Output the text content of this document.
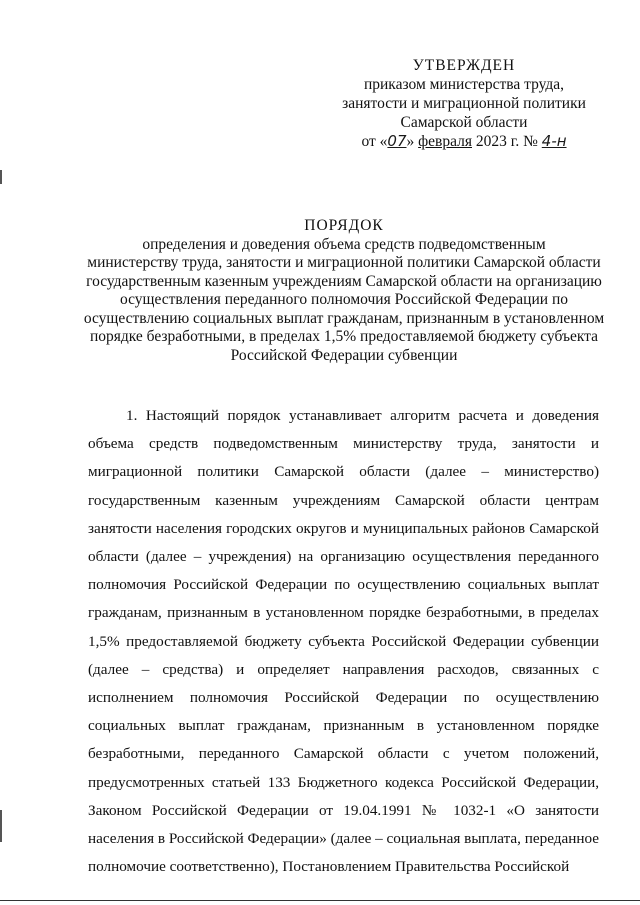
УТВЕРЖДЕН
приказом министерства труда,
занятости и миграционной политики
Самарской области
от «07» февраля 2023 г. № 4-н
ПОРЯДОК
определения и доведения объема средств подведомственным
министерству труда, занятости и миграционной политики Самарской области
государственным казенным учреждениям Самарской области на организацию
осуществления переданного полномочия Российской Федерации по
осуществлению социальных выплат гражданам, признанным в установленном
порядке безработными, в пределах 1,5% предоставляемой бюджету субъекта
Российской Федерации субвенции

1. Настоящий порядок устанавливает алгоритм расчета и доведения объема средств подведомственным министерству труда, занятости и миграционной политики Самарской области (далее – министерство) государственным казенным учреждениям Самарской области центрам занятости населения городских округов и муниципальных районов Самарской области (далее – учреждения) на организацию осуществления переданного полномочия Российской Федерации по осуществлению социальных выплат гражданам, признанным в установленном порядке безработными, в пределах 1,5% предоставляемой бюджету субъекта Российской Федерации субвенции (далее – средства) и определяет направления расходов, связанных с исполнением полномочия Российской Федерации по осуществлению социальных выплат гражданам, признанным в установленном порядке безработными, переданного Самарской области с учетом положений, предусмотренных статьей 133 Бюджетного кодекса Российской Федерации, Законом Российской Федерации от 19.04.1991 № 1032-1 «О занятости населения в Российской Федерации» (далее – социальная выплата, переданное полномочие соответственно), Постановлением Правительства Российской
